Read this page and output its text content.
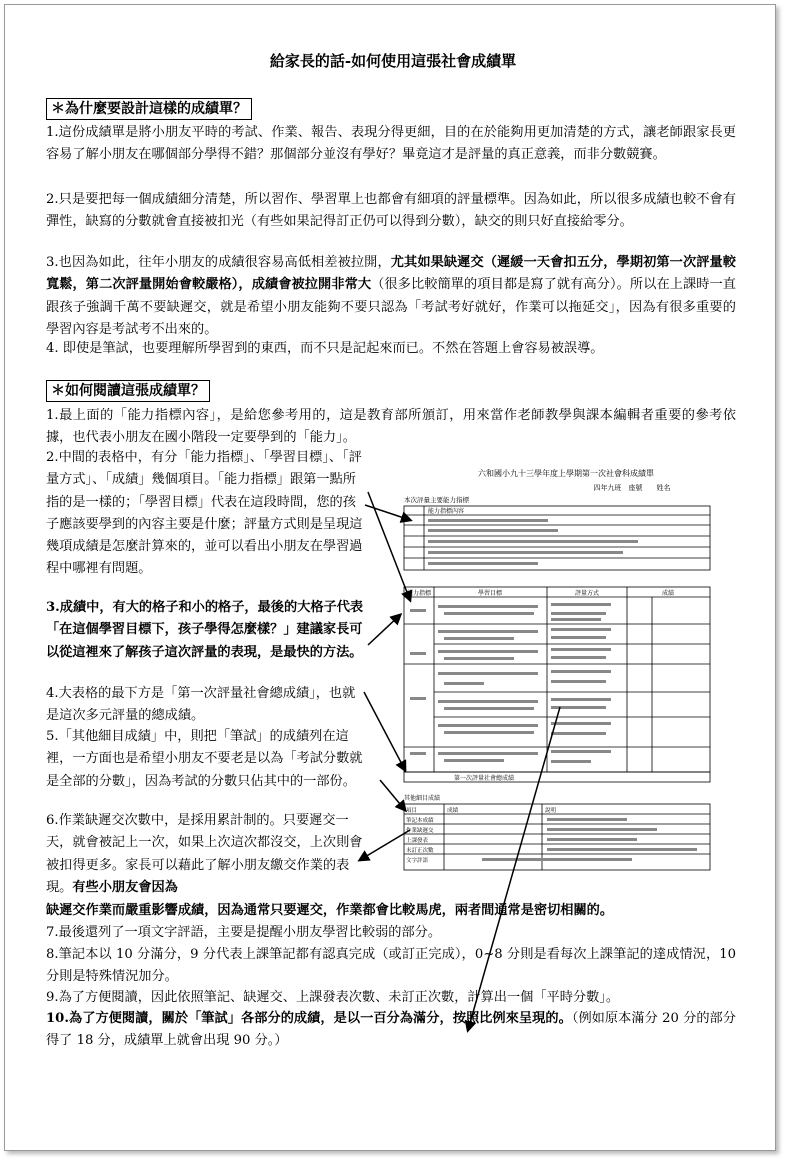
給家長的話-如何使用這張社會成績單
＊為什麼要設計這樣的成績單？
1.這份成績單是將小朋友平時的考試、作業、報告、表現分得更細，目的在於能夠用更加清楚的方式，讓老師跟家長更容易了解小朋友在哪個部分學得不錯？那個部分並沒有學好？畢竟這才是評量的真正意義，而非分數競賽。
2.只是要把每一個成績細分清楚，所以習作、學習單上也都會有細項的評量標準。因為如此，所以很多成績也較不會有彈性，缺寫的分數就會直接被扣光（有些如果記得訂正仍可以得到分數），缺交的則只好直接給零分。
3.也因為如此，往年小朋友的成績很容易高低相差被拉開，尤其如果缺遲交（遲緩一天會扣五分，學期初第一次評量較寬鬆，第二次評量開始會較嚴格），成績會被拉開非常大（很多比較簡單的項目都是寫了就有高分）。所以在上課時一直跟孩子強調千萬不要缺遲交，就是希望小朋友能夠不要只認為「考試考好就好，作業可以拖延交」，因為有很多重要的學習內容是考試考不出來的。
4. 即使是筆試，也要理解所學習到的東西，而不只是記起來而已。不然在答題上會容易被誤導。
＊如何閱讀這張成績單？
1.最上面的「能力指標內容」，是給您參考用的，這是教育部所頒訂，用來當作老師教學與課本編輯者重要的參考依據，也代表小朋友在國小階段一定要學到的「能力」。
2.中間的表格中，有分「能力指標」、「學習目標」、「評量方式」、「成績」幾個項目。「能力指標」跟第一點所指的是一樣的；「學習目標」代表在這段時間，您的孩子應該要學到的內容主要是什麼；評量方式則是呈現這幾項成績是怎麼計算來的，並可以看出小朋友在學習過程中哪裡有問題。
3.成績中，有大的格子和小的格子，最後的大格子代表「在這個學習目標下，孩子學得怎麼樣？」建議家長可以從這裡來了解孩子這次評量的表現，是最快的方法。
4.大表格的最下方是「第一次評量社會總成績」，也就是這次多元評量的總成績。
5.「其他細目成績」中，則把「筆試」的成績列在這裡，一方面也是希望小朋友不要老是以為「考試分數就是全部的分數」，因為考試的分數只佔其中的一部份。
6.作業缺遲交次數中，是採用累計制的。只要遲交一天，就會被記上一次，如果上次這次都沒交，上次則會被扣得更多。家長可以藉此了解小朋友繳交作業的表現。有些小朋友會因為
缺遲交作業而嚴重影響成績，因為通常只要遲交，作業都會比較馬虎，兩者間通常是密切相關的。
7.最後還列了一項文字評語，主要是提醒小朋友學習比較弱的部分。
8.筆記本以 10 分滿分，9 分代表上課筆記都有認真完成（或訂正完成），0~8 分則是看每次上課筆記的達成情況，10 分則是特殊情況加分。
9.為了方便閱讀，因此依照筆記、缺遲交、上課發表次數、未訂正次數，計算出一個「平時分數」。
10.為了方便閱讀，關於「筆試」各部分的成績，是以一百分為滿分，按照比例來呈現的。（例如原本滿分 20 分的部分得了 18 分，成績單上就會出現 90 分。）
六和國小九十三學年度上學期第一次社會科成績單
四年九班　座號　　姓名
本次評量主要能力指標
能力指標內容
能力指標	學習目標	評量方式	成績
第一次評量社會總成績
其他細目成績
項目	成績	說明
筆記本成績
作業缺遲交
上課發表
未訂正次數
文字評語
